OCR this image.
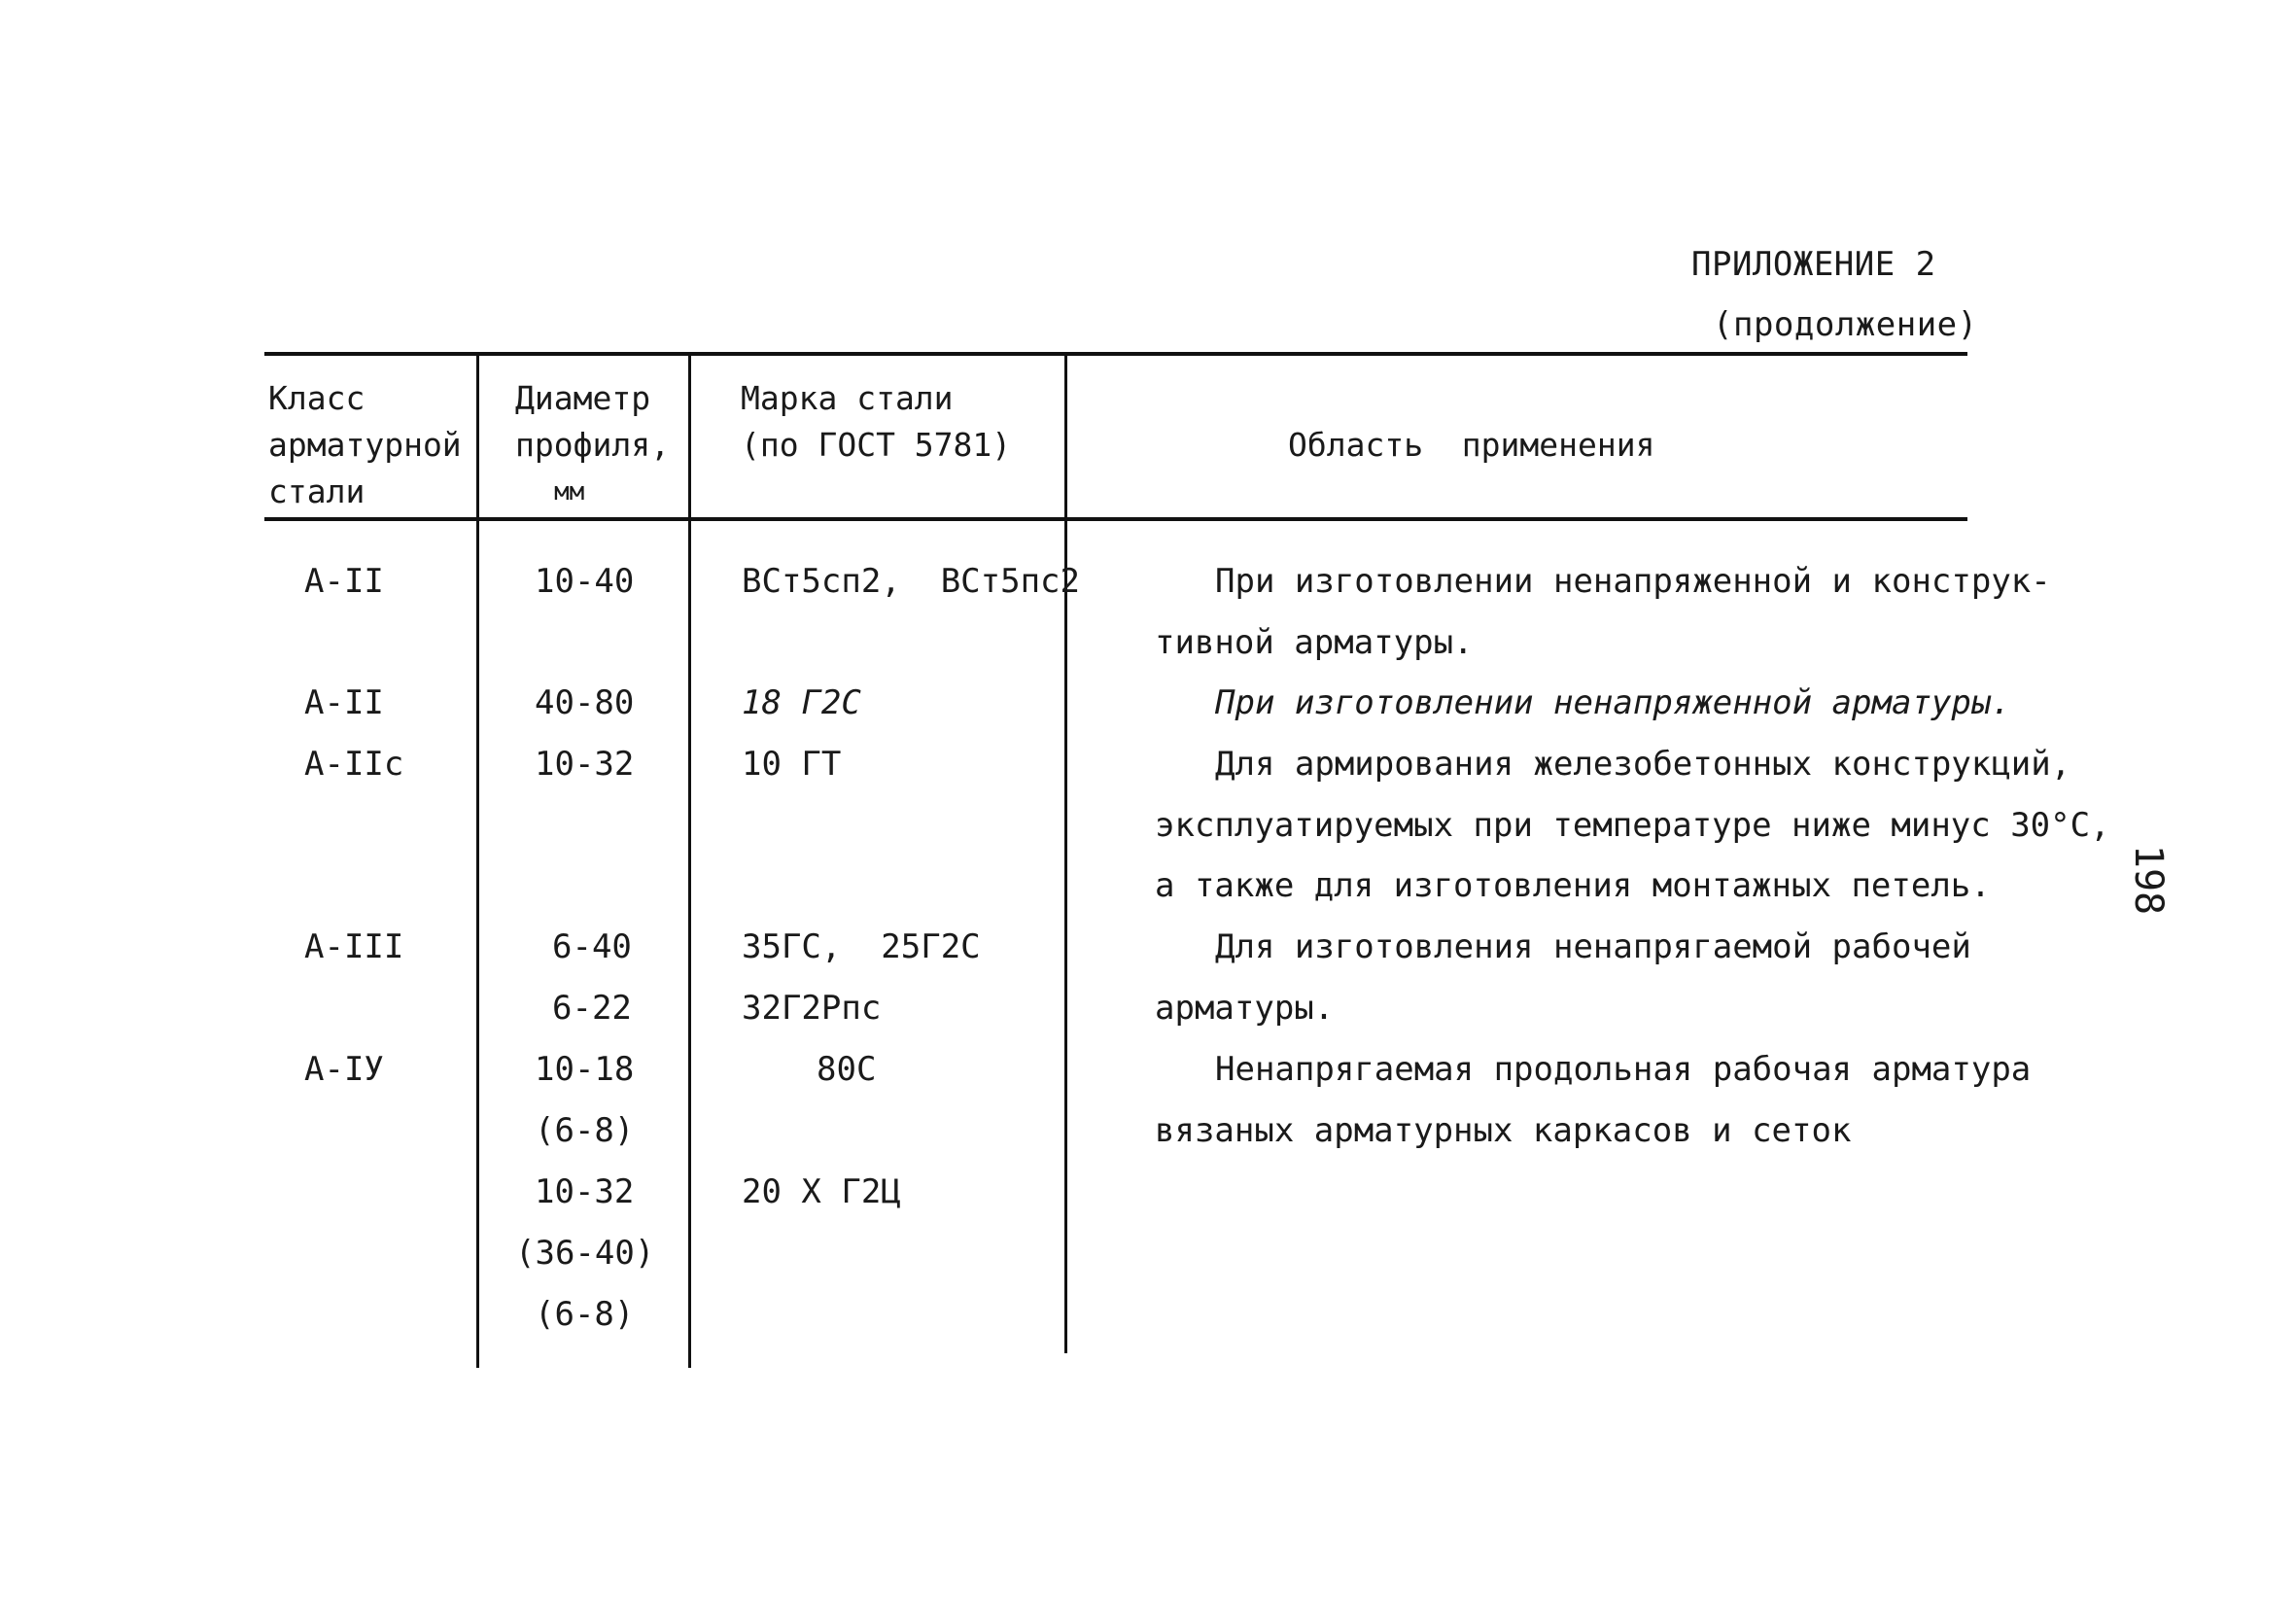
ПРИЛОЖЕНИЕ 2
(продолжение)
Класс
арматурной
стали
Диаметр
профиля,
мм
Марка стали
(по ГОСТ 5781)	Область  применения
А-II
А-II
А-IIс
А-III
А-IУ
10-40
40-80
10-32
6-40
6-22
10-18
(6-8)
10-32
(36-40)
(6-8)
ВСт5сп2,  ВСт5пс2
18 Г2С
10 ГТ
35ГС,  25Г2С
32Г2Рпс
80С
20 Х Г2Ц
При изготовлении ненапряженной и конструк-
тивной арматуры.
При изготовлении ненапряженной арматуры.
Для армирования железобетонных конструкций,
эксплуатируемых при температуре ниже минус 30°С,
а также для изготовления монтажных петель.
Для изготовления ненапрягаемой рабочей
арматуры.
Ненапрягаемая продольная рабочая арматура
вязаных арматурных каркасов и сеток
198
